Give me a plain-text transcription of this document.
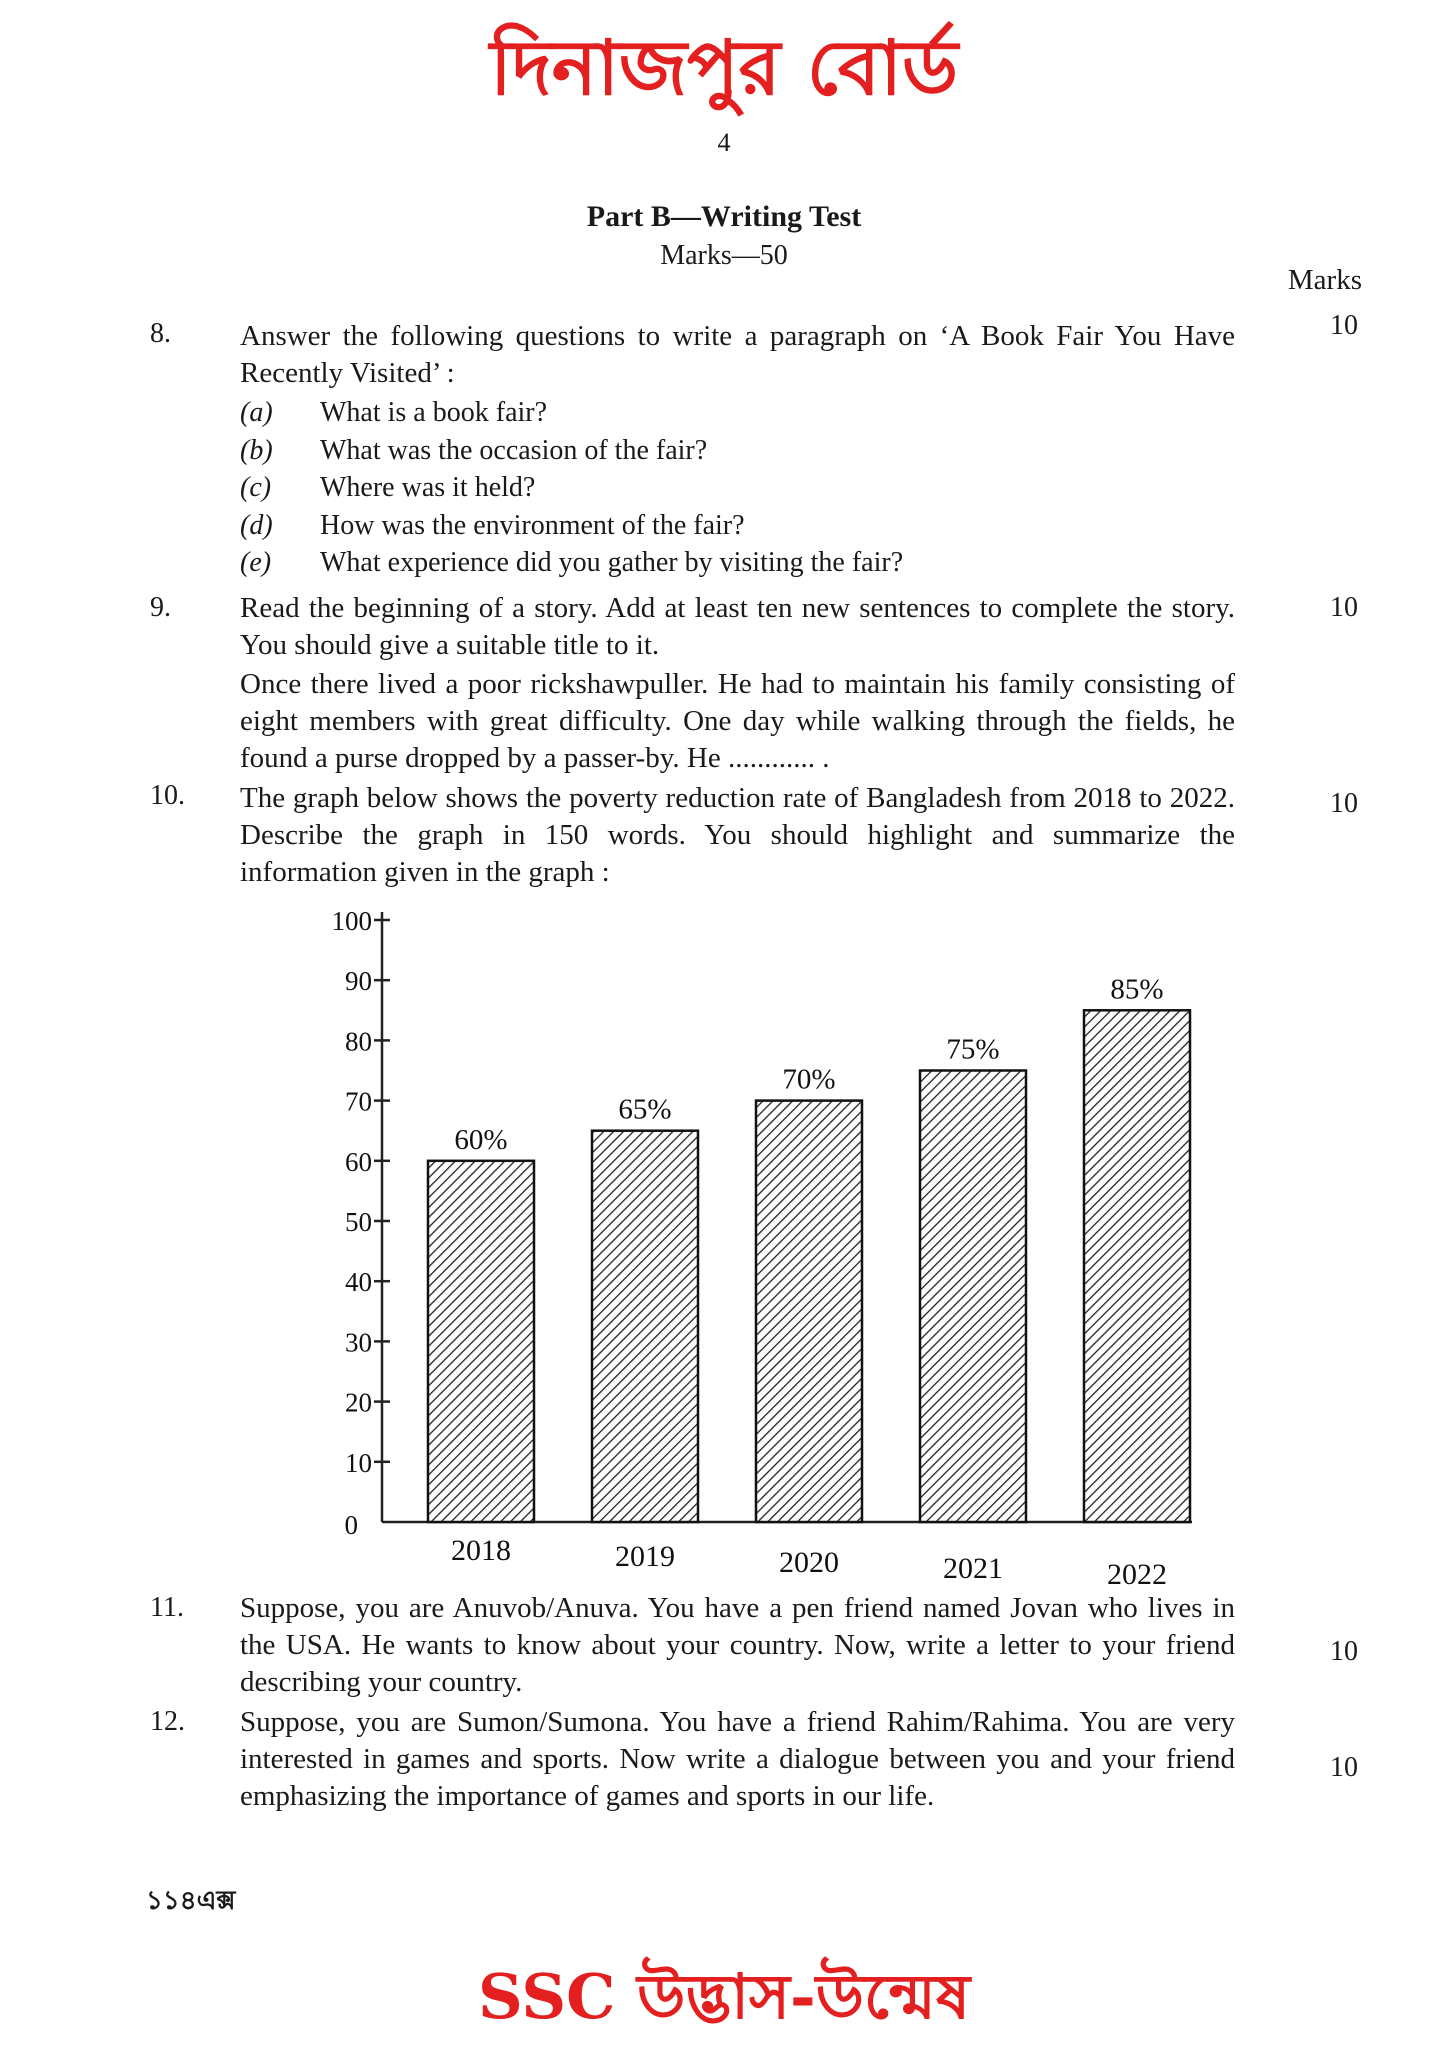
দিনাজপুর বোর্ড
4
Part B—Writing Test
Marks—50
Marks
8.	10
Answer the following questions to write a paragraph on ‘A Book Fair You Have Recently Visited’ :
(a)	What is a book fair?
(b)	What was the occasion of the fair?
(c)	Where was it held?
(d)	How was the environment of the fair?
(e)	What experience did you gather by visiting the fair?
9.	10
Read the beginning of a story. Add at least ten new sentences to complete the story. You should give a suitable title to it.
Once there lived a poor rickshawpuller. He had to maintain his family consisting of eight members with great difficulty. One day while walking through the fields, he found a purse dropped by a passer-by. He ............ .
10.	10
The graph below shows the poverty reduction rate of Bangladesh from 2018 to 2022. Describe the graph in 150 words. You should highlight and summarize the information given in the graph :
0
10
20
30
40
50
60
70
80
90
100
60%
2018
65%
2019
70%
2020
75%
2021
85%
2022
11.
10
Suppose, you are Anuvob/Anuva. You have a pen friend named Jovan who lives in the USA. He wants to know about your country. Now, write a letter to your friend describing your country.
12.
10
Suppose, you are Sumon/Sumona. You have a friend Rahim/Rahima. You are very interested in games and sports. Now write a dialogue between you and your friend emphasizing the importance of games and sports in our life.
১১৪এক্স
SSC উদ্ভাস-উন্মেষ
